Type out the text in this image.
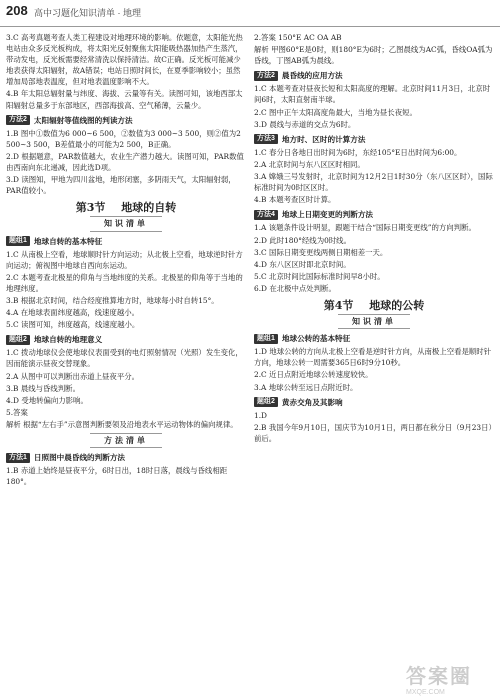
208 高中习题化知识清单 · 地理

3.C 高考真题考查人类工程建设对地理环境的影响。依题意，太阳能光热电站由众多反光板构成，将太阳光反射聚焦太阳能吸热器加热产生蒸汽，带动发电，反光板需要经常清洗以保持清洁。故C正确。反光板可能减少地表获得太阳辐射，故A错误；电站日照时间长，在夏季影响较小；虽然增加局部地表温度，但对地表温度影响不大。

4.B 年太阳总辐射量与纬度、海拔、云量等有关。读图可知，该地西部太阳辐射总量多于东部地区，西部海拔高、空气稀薄，云量少。

方法2 太阳辐射等值线图的判读方法

1.B 图中①数值为6 000~6 500，②数值为3 000~3 500，则②值为2 500~3 500，B差值最小的可能为2 500，B正确。

2.D 根据题意，PAR数值越大，农业生产潜力越大。读图可知，PAR数值由西南向东北递减，因此选D项。

3.D 读图知，甲地为四川盆地，地形闭塞，多阴雨天气，太阳辐射弱，PAR值较小。

第3节 地球的自转
知识清单
题组1 地球自转的基本特征

1.C 从南极上空看，地球顺时针方向运动；从北极上空看，地球逆时针方向运动；俯视图中地球自西向东运动。

2.C 本题考查北极星的仰角与当地纬度的关系。北极星的仰角等于当地的地理纬度。

3.B 根据北京时间，结合经度推算地方时，地球每小时自转15°。

4.A 在地球表面纬度越高，线速度越小。

5.C 读图可知，纬度越高，线速度越小。

题组2 地球自转的地理意义

1.C 拨动地球仪会使地球仪表面受到的电灯照射情况（光照）发生变化，因而能演示昼夜交替现象。

2.A 从图中可以判断出赤道上昼夜平分。

3.B 晨线与昏线判断。

4.D 受地转偏向力影响。

5.答案

解析 根据“左右手”示意图判断要领及沿地表水平运动物体的偏向规律。

方法清单
方法1 日照图中晨昏线的判断方法

1.B 赤道上始终是昼夜平分，6时日出，18时日落，晨线与昏线相距180°。

2.答案 150°E AC OA AB

解析 甲图60°E是0时，则180°E为6时；乙图晨线为AC弧，昏线OA弧为昏线，丁图AB弧为晨线。

方法2 晨昏线的应用方法

1.C 本题考查对昼夜长短和太阳高度的理解。北京时间11月3日，北京时间6时，太阳直射南半球。

2.C 图中正午太阳高度角最大，当地为昼长夜短。

3.D 晨线与赤道的交点为6时。

方法3 地方时、区时的计算方法

1.C 春分日各地日出时间为6时，东经105°E日出时间为6:00。

2.A 北京时间与东八区区时相同。

3.A 嫦娥三号发射时，北京时间为12月2日1时30分（东八区区时），国际标准时间为0时区区时。

4.B 本题考查区时计算。

方法4 地球上日期变更的判断方法

1.A 该题条件设计明显，跟题干结合“国际日期变更线”的方向判断。

2.D 此时180°经线为0时线。

3.C 国际日期变更线两侧日期相差一天。

4.D 东八区区时即北京时间。

5.C 北京时间比国际标准时间早8小时。

6.D 在北极中点处判断。

第4节 地球的公转
知识清单
题组1 地球公转的基本特征

1.D 地球公转的方向从北极上空看是逆时针方向，从南极上空看是顺时针方向，地球公转一周需要365日6时9分10秒。

2.C 近日点附近地球公转速度较快。

3.A 地球公转至远日点附近时。

题组2 黄赤交角及其影响

1.D

2.B 我国今年9月10日，国庆节为10月1日，两日都在秋分日（9月23日）前后。

答案圈
MXQE.COM
